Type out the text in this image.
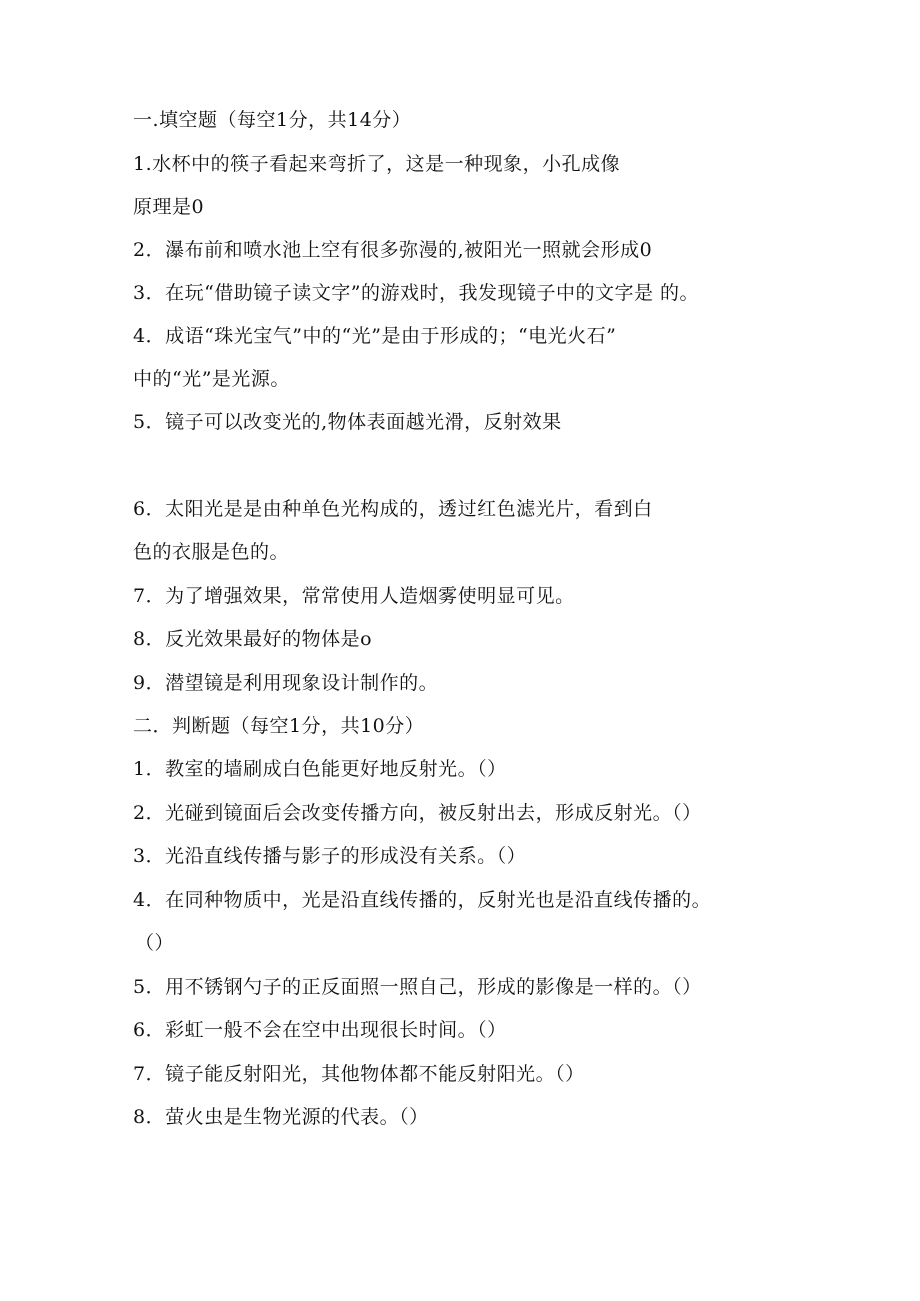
一.填空题（每空1分，共14分）
1.水杯中的筷子看起来弯折了，这是一种现象，小孔成像
原理是0
2．瀑布前和喷水池上空有很多弥漫的,被阳光一照就会形成0
3．在玩“借助镜子读文字”的游戏时，我发现镜子中的文字是 的。
4．成语“珠光宝气”中的“光”是由于形成的；“电光火石”
中的“光”是光源。
5．镜子可以改变光的,物体表面越光滑，反射效果
6．太阳光是是由种单色光构成的，透过红色滤光片，看到白
色的衣服是色的。
7．为了增强效果，常常使用人造烟雾使明显可见。
8．反光效果最好的物体是o
9．潜望镜是利用现象设计制作的。
二．判断题（每空1分，共10分）
1．教室的墙刷成白色能更好地反射光。（）
2．光碰到镜面后会改变传播方向，被反射出去，形成反射光。（）
3．光沿直线传播与影子的形成没有关系。（）
4．在同种物质中，光是沿直线传播的，反射光也是沿直线传播的。
（）
5．用不锈钢勺子的正反面照一照自己，形成的影像是一样的。（）
6．彩虹一般不会在空中出现很长时间。（）
7．镜子能反射阳光，其他物体都不能反射阳光。（）
8．萤火虫是生物光源的代表。（）
